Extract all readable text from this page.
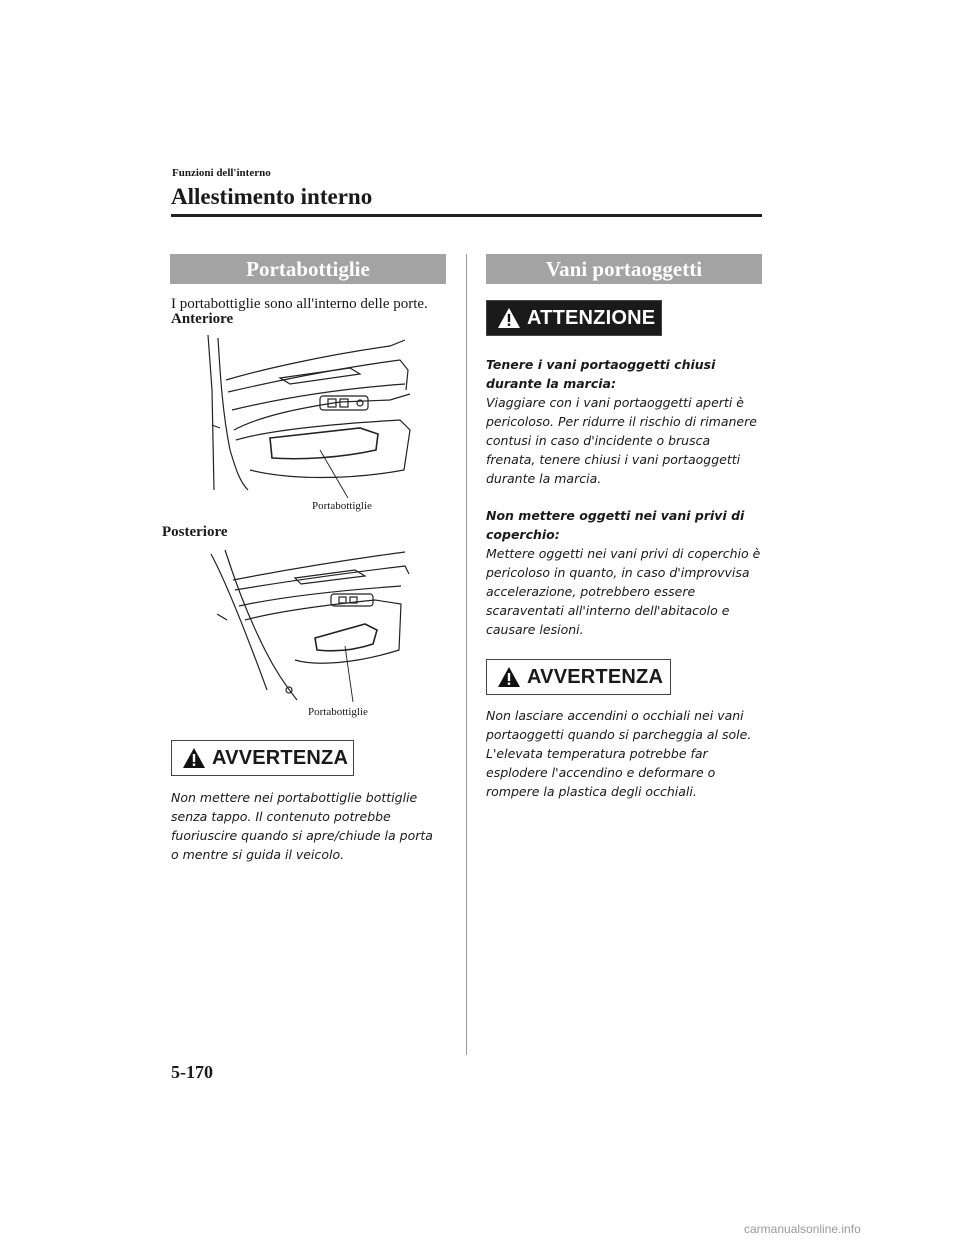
Funzioni dell'interno
Allestimento interno
Portabottiglie
I portabottiglie sono all'interno delle porte.
Anteriore
Portabottiglie
Posteriore
Portabottiglie
AVVERTENZA
Non mettere nei portabottiglie bottiglie senza tappo. Il contenuto potrebbe fuoriuscire quando si apre/chiude la porta o mentre si guida il veicolo.
Vani portaoggetti
ATTENZIONE
Tenere i vani portaoggetti chiusi durante la marcia:
Viaggiare con i vani portaoggetti aperti è pericoloso. Per ridurre il rischio di rimanere contusi in caso d'incidente o brusca frenata, tenere chiusi i vani portaoggetti durante la marcia.
Non mettere oggetti nei vani privi di coperchio:
Mettere oggetti nei vani privi di coperchio è pericoloso in quanto, in caso d'improvvisa accelerazione, potrebbero essere scaraventati all'interno dell'abitacolo e causare lesioni.
AVVERTENZA
Non lasciare accendini o occhiali nei vani portaoggetti quando si parcheggia al sole. L'elevata temperatura potrebbe far esplodere l'accendino e deformare o rompere la plastica degli occhiali.
5-170
carmanualsonline.info
